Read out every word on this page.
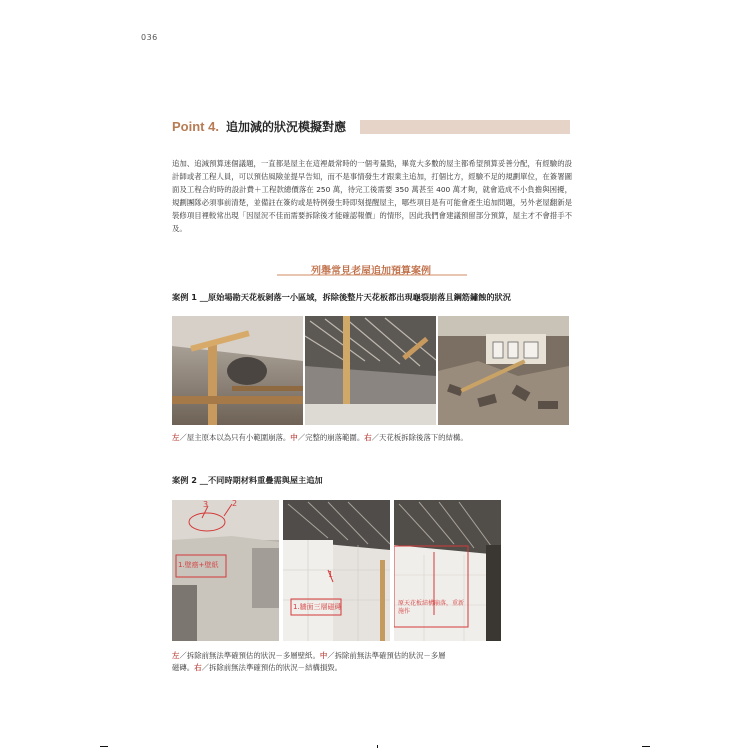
036
Point 4. 追加減的狀況模擬對應
追加、追減預算迷個議題，一直都是屋主在這裡最常時的一個考量點，畢竟大多數的屋主都希望預算妥善分配，有經驗的設計師或者工程人員，可以預估風險並提早告知，而不是事情發生才跟業主追加，打個比方，經驗不足的規劃單位，在簽署圖面及工程合約時的設計費＋工程款總價落在 250 萬，待完工後需要 350 萬甚至 400 萬才夠，就會造成不小負擔與困擾，規劃團隊必須事前清楚，並備註在簽約或是特例發生時即刻提醒屋主，哪些項目是有可能會產生追加問題，另外老屋翻新是裝修項目裡較常出現「因屋況不佳而需要拆除後才能確認報價」的情形，因此我們會建議預留部分預算，屋主才不會措手不及。
列舉常見老屋追加預算案例
案例 1 __原始場勘天花板剝落一小區域，拆除後整片天花板都出現龜裂崩落且鋼筋鏽蝕的狀況
左／屋主原本以為只有小範圍崩落。中／完整的崩落範圍。右／天花板拆除後落下的結構。
案例 2 __不同時期材料重疊需與屋主追加
3	2
1.壁癌+壁紙
1
1.牆面三層磁磚	原天花板結構崩落，重新施作
左／拆除前無法準確預估的狀況－多層壁紙。中／拆除前無法準確預估的狀況－多層
磁磚。右／拆除前無法準確預估的狀況－結構損毀。
